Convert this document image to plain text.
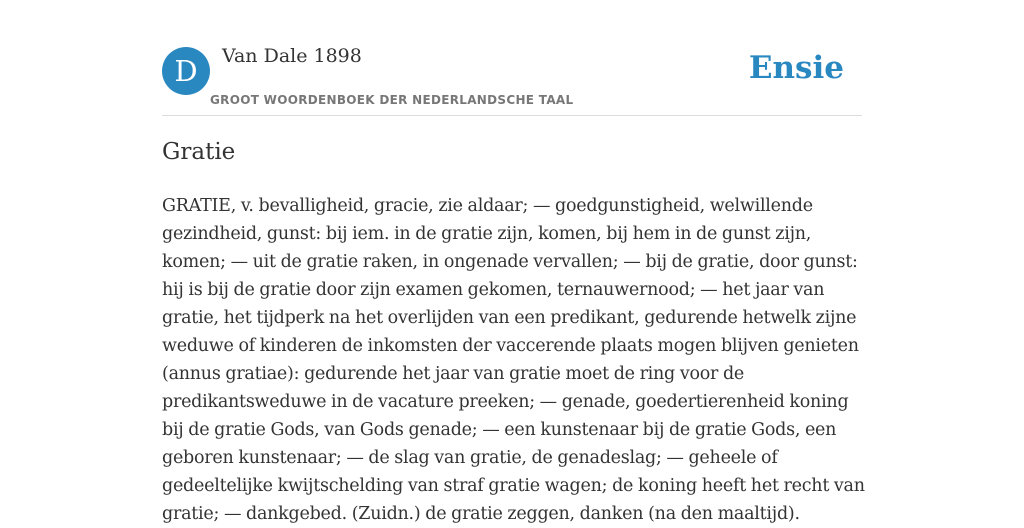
D	Van Dale 1898
GROOT WOORDENBOEK DER NEDERLANDSCHE TAAL
Ensie
Gratie

GRATIE, v. bevalligheid, gracie, zie aldaar; — goedgunstigheid, welwillende gezindheid, gunst: bij iem. in de gratie zijn, komen, bij hem in de gunst zijn, komen; — uit de gratie raken, in ongenade vervallen; — bij de gratie, door gunst: hij is bij de gratie door zijn examen gekomen, ternauwernood; — het jaar van gratie, het tijdperk na het overlijden van een predikant, gedurende hetwelk zijne weduwe of kinderen de inkomsten der vaccerende plaats mogen blijven genieten (annus gratiae): gedurende het jaar van gratie moet de ring voor de predikantsweduwe in de vacature preeken; — genade, goedertierenheid koning bij de gratie Gods, van Gods genade; — een kunstenaar bij de gratie Gods, een geboren kunstenaar; — de slag van gratie, de genadeslag; — geheele of gedeeltelijke kwijtschelding van straf gratie wagen; de koning heeft het recht van gratie; — dankgebed. (Zuidn.) de gratie zeggen, danken (na den maaltijd).
